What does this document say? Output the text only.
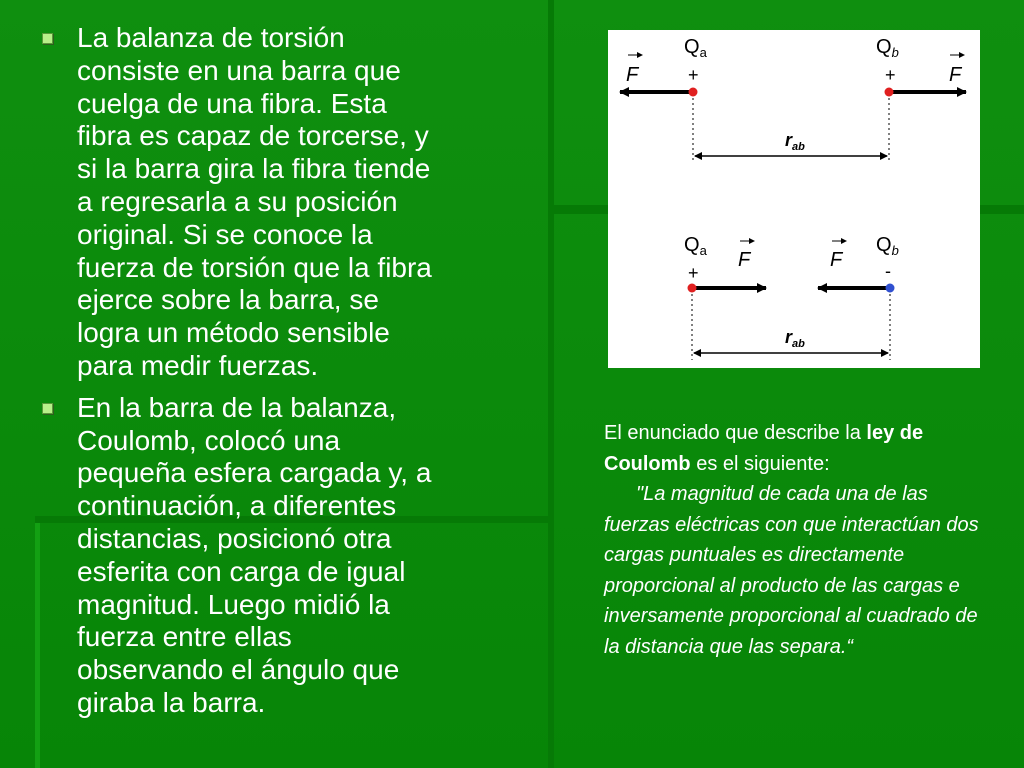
La balanza de torsión
consiste en una barra que
cuelga de una fibra. Esta
fibra es capaz de torcerse, y
si la barra gira la fibra tiende
a regresarla a su posición
original. Si se conoce la
fuerza de torsión que la fibra
ejerce sobre la barra, se
logra un método sensible
para medir fuerzas.
En la barra de la balanza,
Coulomb, colocó una
pequeña esfera cargada y, a
continuación, a diferentes
distancias, posicionó otra
esferita con carga de igual
magnitud. Luego midió la
fuerza entre ellas
observando el ángulo que
giraba la barra.
$Q_a$	$Q_b$
+	+
F	F
$r_{ab}$
$Q_a$	$Q_b$
+	-
F	F
$r_{ab}$
El enunciado que describe la ley de Coulomb es el siguiente:
"La magnitud de cada una de las fuerzas eléctricas con que interactúan dos cargas puntuales es directamente proporcional al producto de las cargas e inversamente proporcional al cuadrado de la distancia que las separa.“
